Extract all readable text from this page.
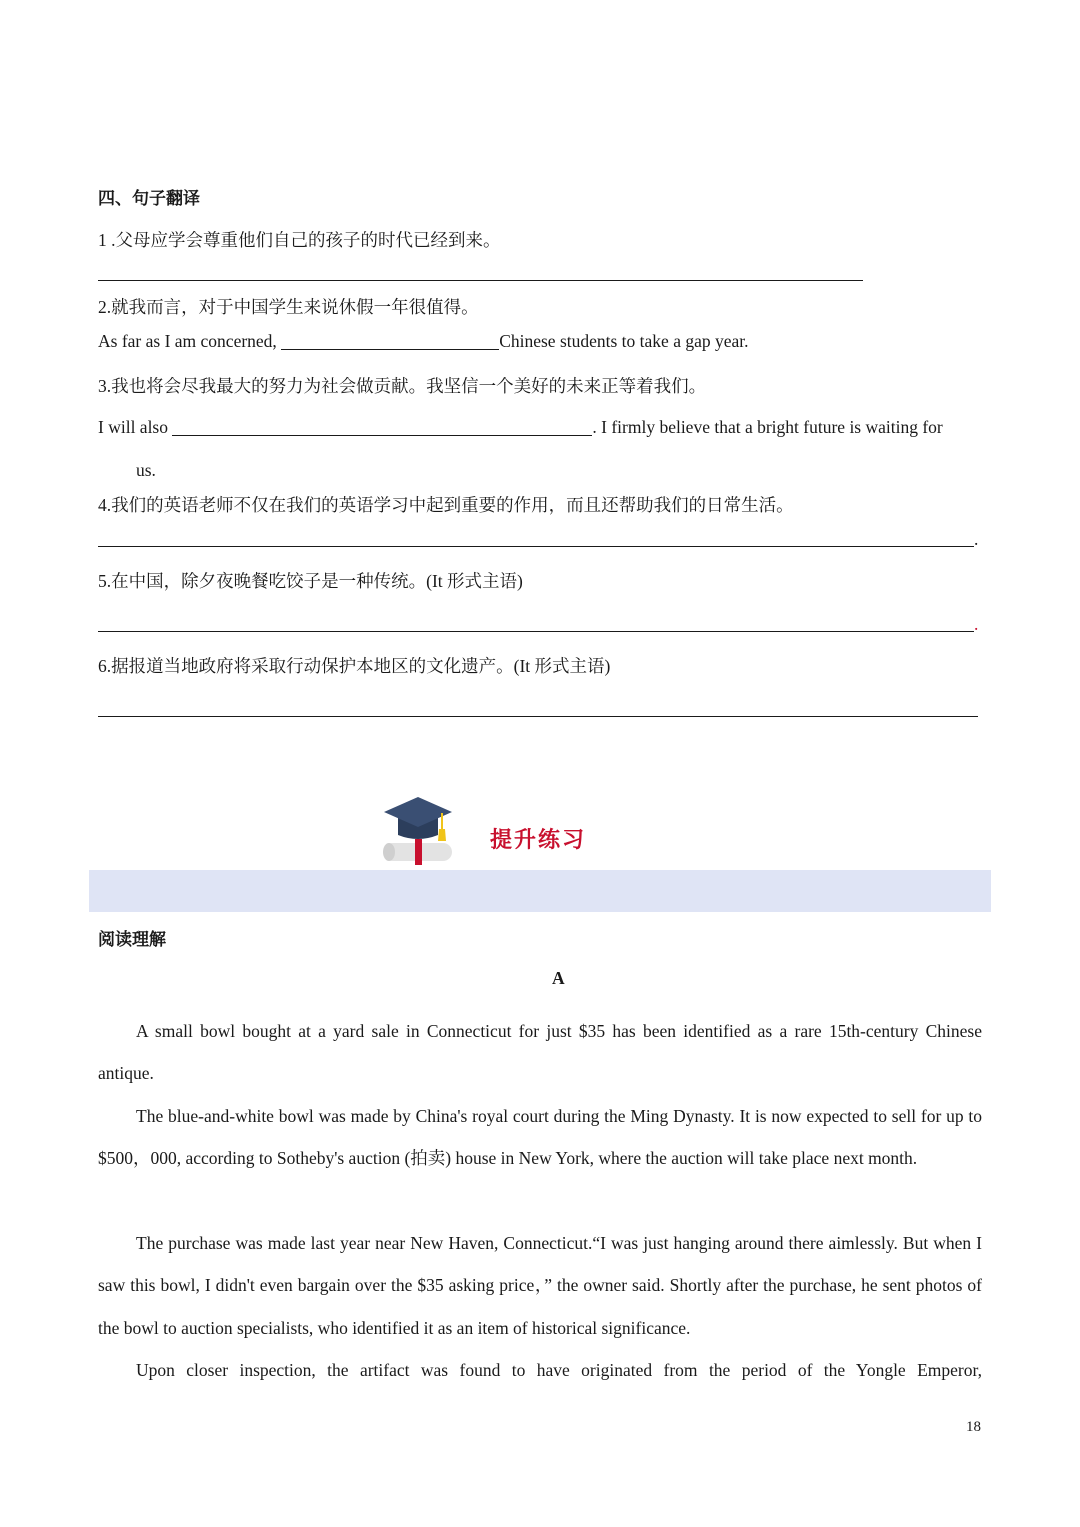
四、句子翻译
1 .父母应学会尊重他们自己的孩子的时代已经到来。
2.就我而言，对于中国学生来说休假一年很值得。
As far as I am concerned,	Chinese students to take a gap year.
3.我也将会尽我最大的努力为社会做贡献。我坚信一个美好的未来正等着我们。
I will also	. I firmly believe that a bright future is waiting for
us.
4.我们的英语老师不仅在我们的英语学习中起到重要的作用，而且还帮助我们的日常生活。
.
5.在中国，除夕夜晚餐吃饺子是一种传统。(It 形式主语)
.
6.据报道当地政府将采取行动保护本地区的文化遗产。(It 形式主语)
提升练习
阅读理解
A
A small bowl bought at a yard sale in Connecticut for just $35 has been identified as a rare 15th-century Chinese antique.
The blue-and-white bowl was made by China's royal court during the Ming Dynasty. It is now expected to sell for up to $500，000, according to Sotheby's auction (拍卖) house in New York, where the auction will take place next month.
The purchase was made last year near New Haven, Connecticut.“I was just hanging around there aimlessly. But when I saw this bowl, I didn't even bargain over the $35 asking price，” the owner said. Shortly after the purchase, he sent photos of the bowl to auction specialists, who identified it as an item of historical significance.
Upon closer inspection, the artifact was found to have originated from the period of the Yongle Emperor,
18
